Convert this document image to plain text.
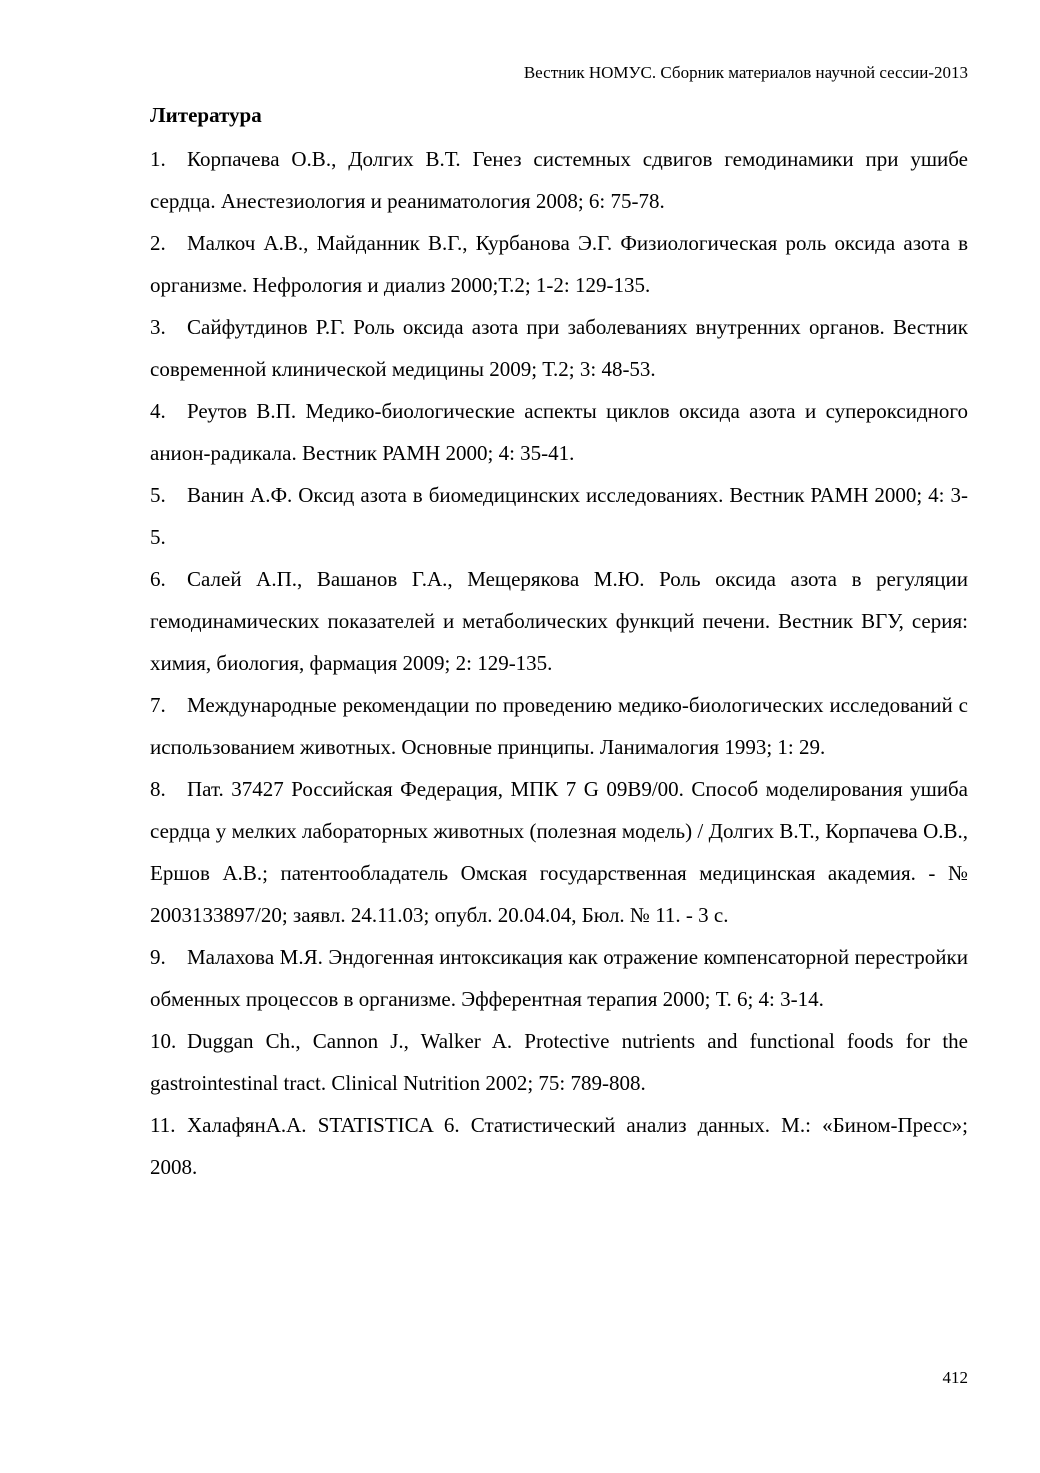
Вестник НОМУС. Сборник материалов научной сессии-2013
Литература
1. Корпачева О.В., Долгих В.Т. Генез системных сдвигов гемодинамики при ушибе сердца. Анестезиология и реаниматология 2008; 6: 75-78.
2. Малкоч А.В., Майданник В.Г., Курбанова Э.Г. Физиологическая роль оксида азота в организме. Нефрология и диализ 2000;Т.2; 1-2: 129-135.
3. Сайфутдинов Р.Г. Роль оксида азота при заболеваниях внутренних органов. Вестник современной клинической медицины 2009; Т.2; 3: 48-53.
4. Реутов В.П. Медико-биологические аспекты циклов оксида азота и супероксидного анион-радикала. Вестник РАМН 2000; 4: 35-41.
5. Ванин А.Ф. Оксид азота в биомедицинских исследованиях. Вестник РАМН 2000; 4: 3-5.
6. Салей А.П., Вашанов Г.А., Мещерякова М.Ю. Роль оксида азота в регуляции гемодинамических показателей и метаболических функций печени. Вестник ВГУ, серия: химия, биология, фармация 2009; 2: 129-135.
7. Международные рекомендации по проведению медико-биологических исследований с использованием животных. Основные принципы. Ланималогия 1993; 1: 29.
8. Пат. 37427 Российская Федерация, МПК 7 G 09B9/00. Способ моделирования ушиба сердца у мелких лабораторных животных (полезная модель) / Долгих В.Т., Корпачева О.В., Ершов А.В.; патентообладатель Омская государственная медицинская академия. - № 2003133897/20; заявл. 24.11.03; опубл. 20.04.04, Бюл. № 11. - 3 с.
9. Малахова М.Я. Эндогенная интоксикация как отражение компенсаторной перестройки обменных процессов в организме. Эфферентная терапия 2000; Т. 6; 4: 3-14.
10. Duggan Ch., Cannon J., Walker A. Protective nutrients and functional foods for the gastrointestinal tract. Clinical Nutrition 2002; 75: 789-808.
11. ХалафянА.А. STATISTICA 6. Статистический анализ данных. М.: «Бином-Пресс»; 2008.
412
